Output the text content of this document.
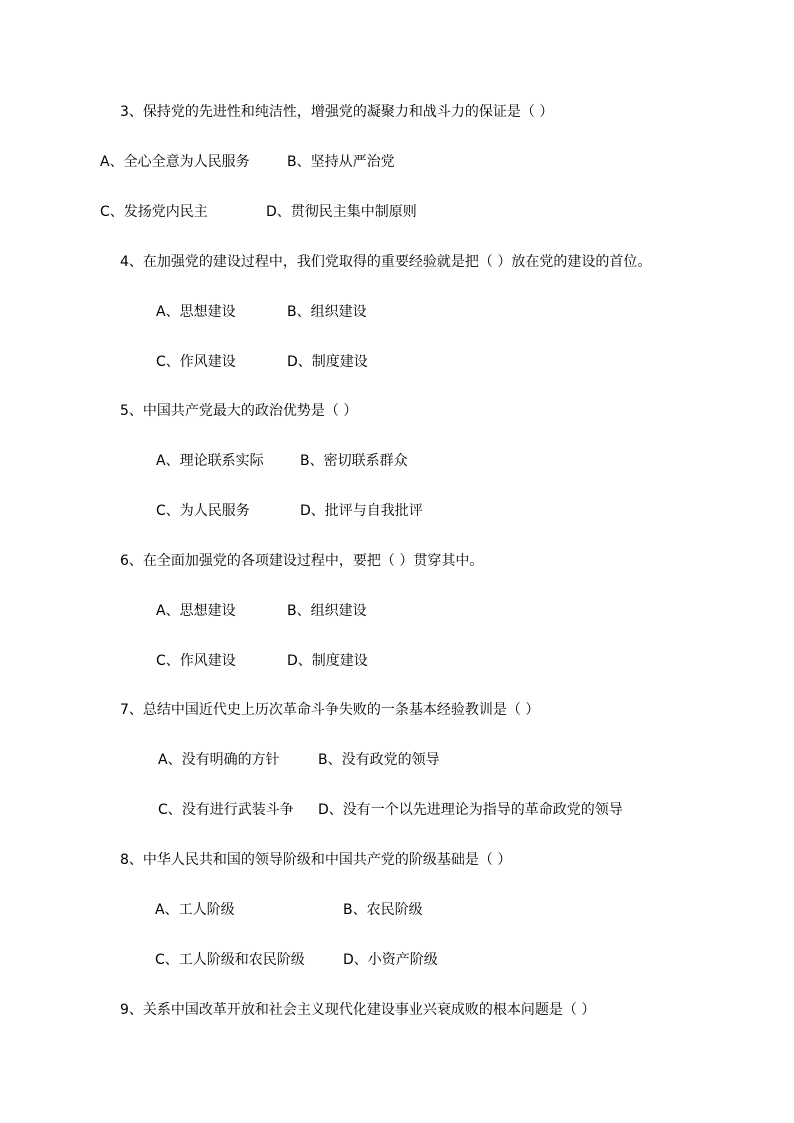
3、保持党的先进性和纯洁性，增强党的凝聚力和战斗力的保证是（ ）
A、全心全意为人民服务	B、坚持从严治党
C、发扬党内民主	D、贯彻民主集中制原则
4、在加强党的建设过程中，我们党取得的重要经验就是把（ ）放在党的建设的首位。
A、思想建设	B、组织建设
C、作风建设	D、制度建设
5、中国共产党最大的政治优势是（ ）
A、理论联系实际	B、密切联系群众
C、为人民服务	D、批评与自我批评
6、在全面加强党的各项建设过程中，要把（ ）贯穿其中。
A、思想建设	B、组织建设
C、作风建设	D、制度建设
7、总结中国近代史上历次革命斗争失败的一条基本经验教训是（ ）
A、没有明确的方针	B、没有政党的领导
C、没有进行武装斗争 D、没有一个以先进理论为指导的革命政党的领导
8、中华人民共和国的领导阶级和中国共产党的阶级基础是（ ）
A、工人阶级	B、农民阶级
C、工人阶级和农民阶级	D、小资产阶级
9、关系中国改革开放和社会主义现代化建设事业兴衰成败的根本问题是（ ）
